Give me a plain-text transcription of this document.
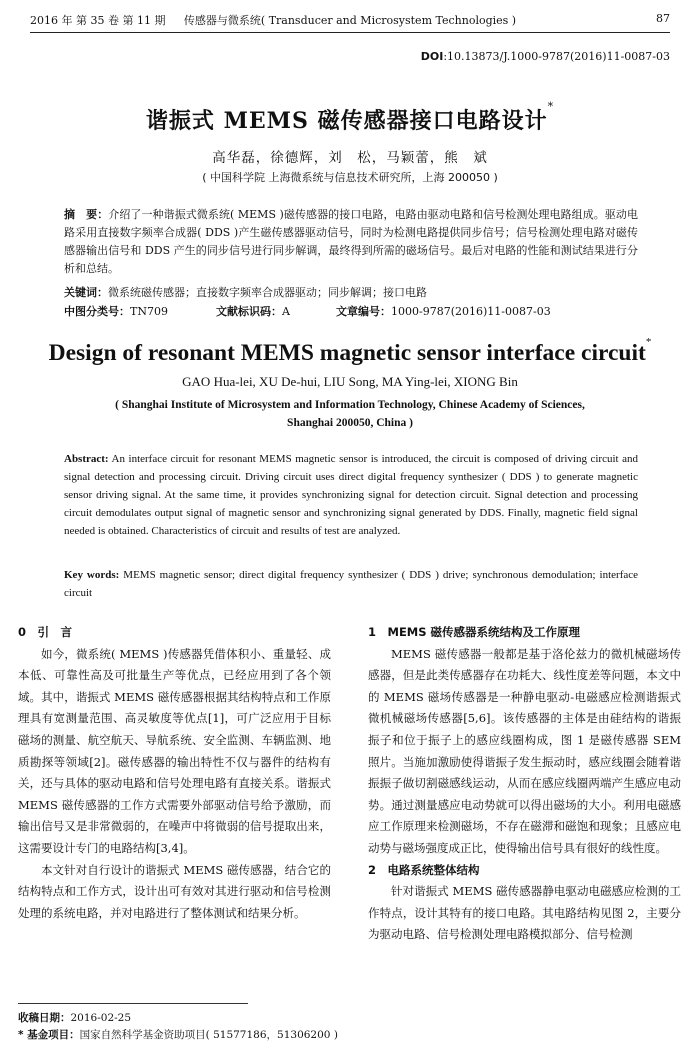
2016 年 第 35 卷 第 11 期	传感器与微系统( Transducer and Microsystem Technologies )	87
DOI:10.13873/J.1000-9787(2016)11-0087-03
谐振式 MEMS 磁传感器接口电路设计*
高华磊，徐德辉，刘　松，马颖蕾，熊　斌
( 中国科学院 上海微系统与信息技术研究所，上海 200050 )
摘　要：介绍了一种谐振式微系统( MEMS )磁传感器的接口电路，电路由驱动电路和信号检测处理电路组成。驱动电路采用直接数字频率合成器( DDS )产生磁传感器驱动信号，同时为检测电路提供同步信号；信号检测处理电路对磁传感器输出信号和 DDS 产生的同步信号进行同步解调，最终得到所需的磁场信号。最后对电路的性能和测试结果进行分析和总结。
关键词：微系统磁传感器；直接数字频率合成器驱动；同步解调；接口电路
中图分类号：TN709	文献标识码：A	文章编号：1000-9787(2016)11-0087-03
Design of resonant MEMS magnetic sensor interface circuit*
GAO Hua-lei, XU De-hui, LIU Song, MA Ying-lei, XIONG Bin
( Shanghai Institute of Microsystem and Information Technology, Chinese Academy of Sciences,
Shanghai 200050, China )
Abstract: An interface circuit for resonant MEMS magnetic sensor is introduced, the circuit is composed of driving circuit and signal detection and processing circuit. Driving circuit uses direct digital frequency synthesizer ( DDS ) to generate magnetic sensor driving signal. At the same time, it provides synchronizing signal for detection circuit. Signal detection and processing circuit demodulates output signal of magnetic sensor and synchronizing signal generated by DDS. Finally, magnetic field signal needed is obtained. Characteristics of circuit and results of test are analyzed.
Key words: MEMS magnetic sensor; direct digital frequency synthesizer ( DDS ) drive; synchronous demodulation; interface circuit
0　引　言

如今，微系统( MEMS )传感器凭借体积小、重量轻、成本低、可靠性高及可批量生产等优点，已经应用到了各个领域。其中，谐振式 MEMS 磁传感器根据其结构特点和工作原理具有宽测量范围、高灵敏度等优点[1]，可广泛应用于目标磁场的测量、航空航天、导航系统、安全监测、车辆监测、地质勘探等领域[2]。磁传感器的输出特性不仅与器件的结构有关，还与具体的驱动电路和信号处理电路有直接关系。谐振式 MEMS 磁传感器的工作方式需要外部驱动信号给予激励，而输出信号又是非常微弱的，在噪声中将微弱的信号提取出来，这需要设计专门的电路结构[3,4]。

本文针对自行设计的谐振式 MEMS 磁传感器，结合它的结构特点和工作方式，设计出可有效对其进行驱动和信号检测处理的系统电路，并对电路进行了整体测试和结果分析。

1　MEMS 磁传感器系统结构及工作原理

MEMS 磁传感器一般都是基于洛伦兹力的微机械磁场传感器，但是此类传感器存在功耗大、线性度差等问题，本文中的 MEMS 磁场传感器是一种静电驱动-电磁感应检测谐振式微机械磁场传感器[5,6]。该传感器的主体是由硅结构的谐振振子和位于振子上的感应线圈构成，图 1 是磁传感器 SEM 照片。当施加激励使得谐振子发生振动时，感应线圈会随着谐振振子做切割磁感线运动，从而在感应线圈两端产生感应电动势。通过测量感应电动势就可以得出磁场的大小。利用电磁感应工作原理来检测磁场，不存在磁滞和磁饱和现象；且感应电动势与磁场强度成正比，使得输出信号具有很好的线性度。

2　电路系统整体结构

针对谐振式 MEMS 磁传感器静电驱动电磁感应检测的工作特点，设计其特有的接口电路。其电路结构见图 2，主要分为驱动电路、信号检测处理电路模拟部分、信号检测

收稿日期：2016-02-25
* 基金项目：国家自然科学基金资助项目( 51577186，51306200 )
